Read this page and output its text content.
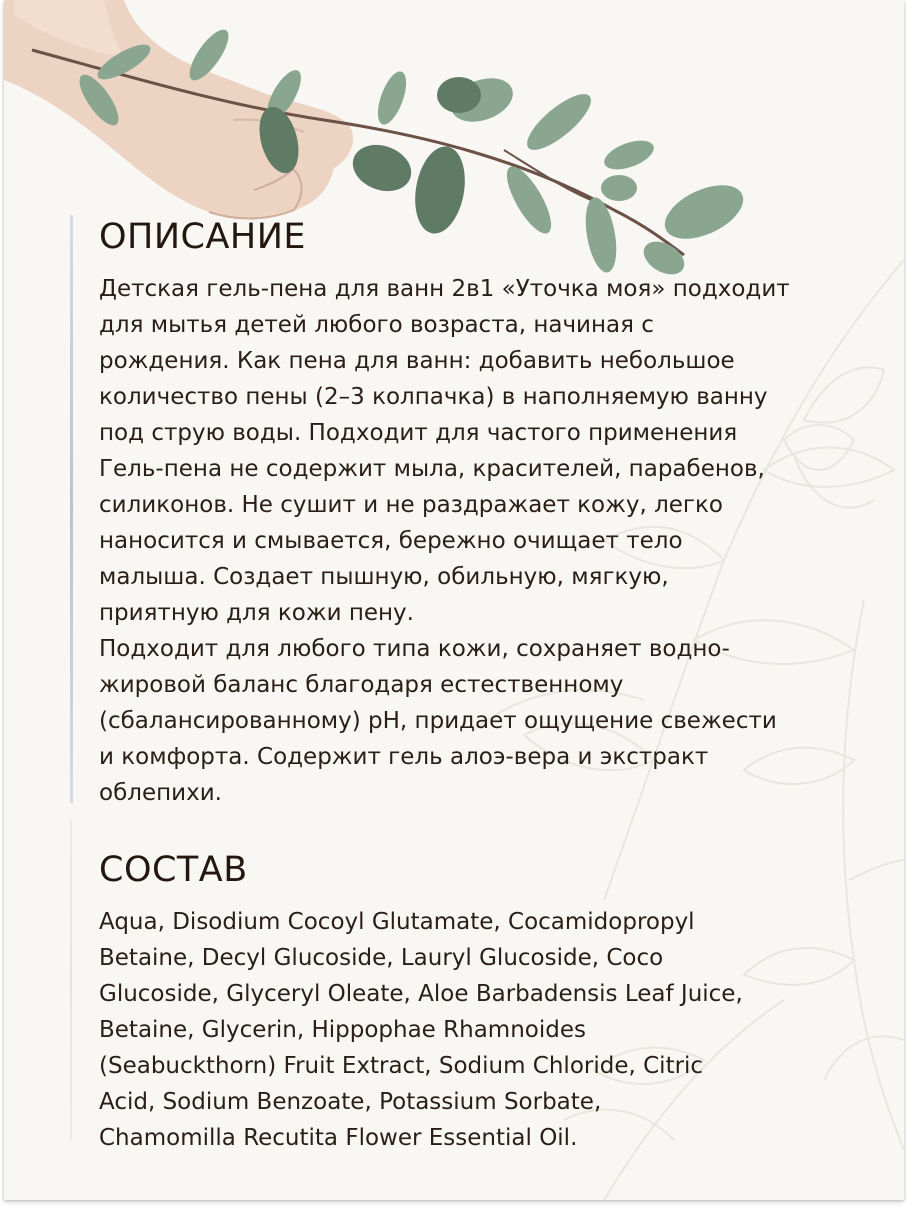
ОПИСАНИЕ
Детская гель-пена для ванн 2в1 «Уточка моя» подходит
для мытья детей любого возраста, начиная с
рождения. Как пена для ванн: добавить небольшое
количество пены (2–3 колпачка) в наполняемую ванну
под струю воды. Подходит для частого применения
Гель-пена не содержит мыла, красителей, парабенов,
силиконов. Не сушит и не раздражает кожу, легко
наносится и смывается, бережно очищает тело
малыша. Создает пышную, обильную, мягкую,
приятную для кожи пену.
Подходит для любого типа кожи, сохраняет водно-
жировой баланс благодаря естественному
(сбалансированному) pH, придает ощущение свежести
и комфорта. Содержит гель алоэ-вера и экстракт
облепихи.
СОСТАВ
Aqua, Disodium Cocoyl Glutamate, Cocamidopropyl
Betaine, Decyl Glucoside, Lauryl Glucoside, Coco
Glucoside, Glyceryl Oleate, Aloe Barbadensis Leaf Juice,
Betaine, Glycerin, Hippophae Rhamnoides
(Seabuckthorn) Fruit Extract, Sodium Chloride, Citric
Acid, Sodium Benzoate, Potassium Sorbate,
Chamomilla Recutita Flower Essential Oil.
